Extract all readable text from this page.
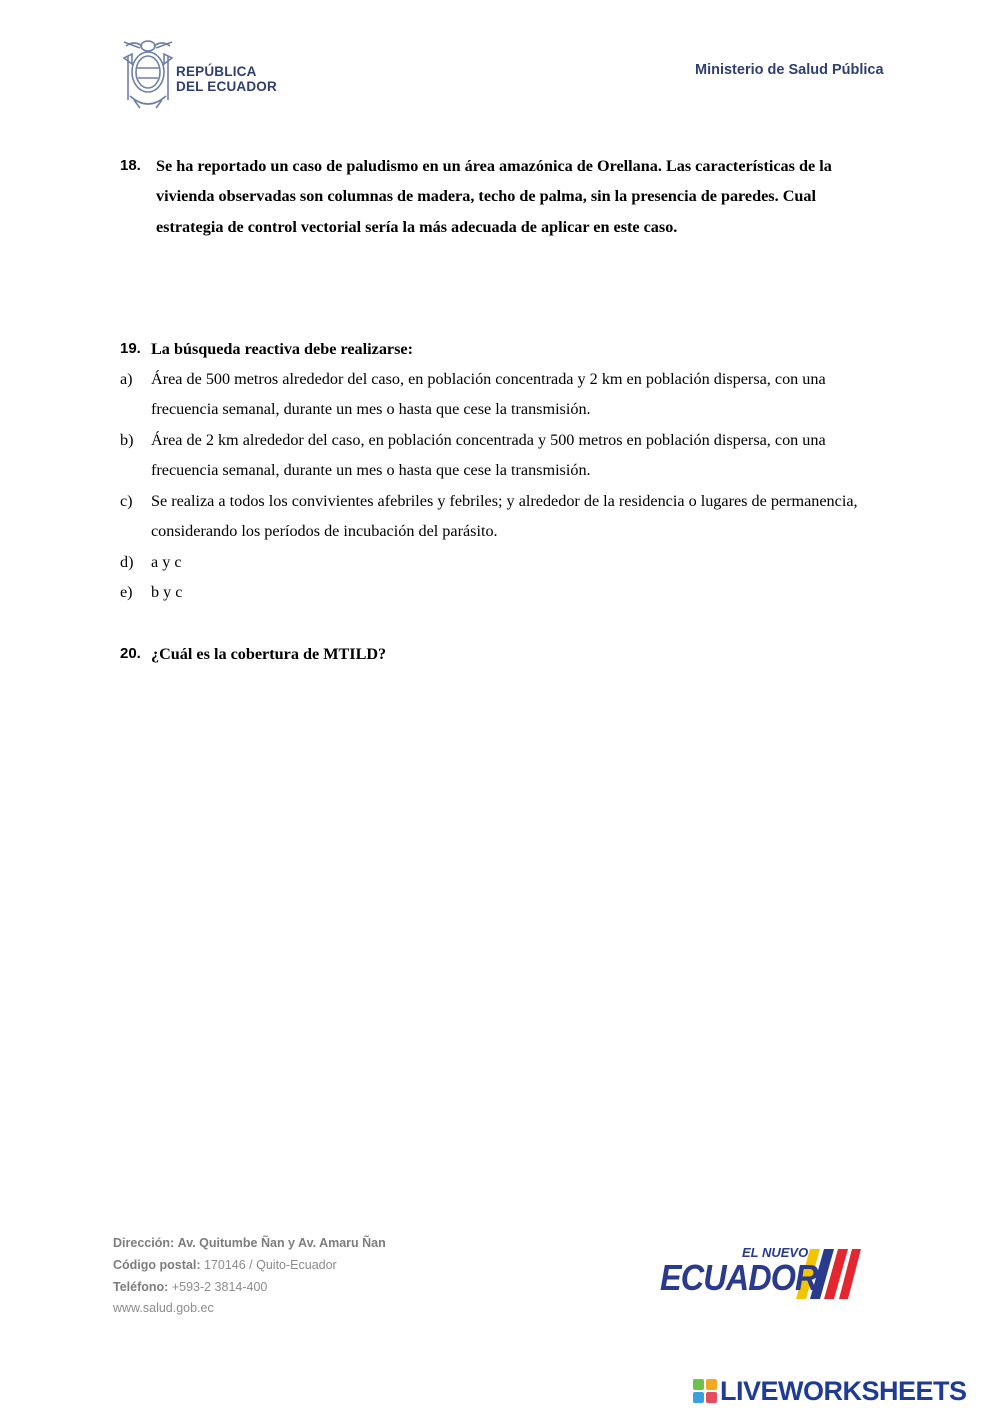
REPÚBLICA
DEL ECUADOR
Ministerio de Salud Pública
18. Se ha reportado un caso de paludismo en un área amazónica de Orellana. Las características de la vivienda observadas son columnas de madera, techo de palma, sin la presencia de paredes. Cual estrategia de control vectorial sería la más adecuada de aplicar en este caso.
19. La búsqueda reactiva debe realizarse:
a) Área de 500 metros alrededor del caso, en población concentrada y 2 km en población dispersa, con una frecuencia semanal, durante un mes o hasta que cese la transmisión.
b) Área de 2 km alrededor del caso, en población concentrada y 500 metros en población dispersa, con una frecuencia semanal, durante un mes o hasta que cese la transmisión.
c) Se realiza a todos los convivientes afebriles y febriles; y alrededor de la residencia o lugares de permanencia, considerando los períodos de incubación del parásito.
d) a y c
e) b y c
20. ¿Cuál es la cobertura de MTILD?
Dirección: Av. Quitumbe Ñan y Av. Amaru Ñan
Código postal: 170146 / Quito-Ecuador
Teléfono: +593-2 3814-400
www.salud.gob.ec
EL NUEVO
ECUADOR
LIVEWORKSHEETS
